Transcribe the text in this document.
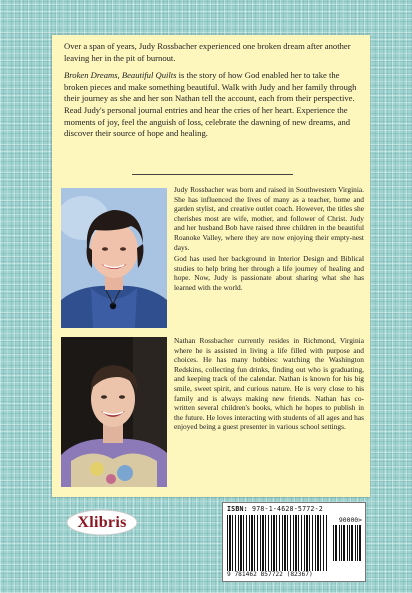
Over a span of years, Judy Rossbacher experienced one broken dream after another leaving her in the pit of burnout.

Broken Dreams, Beautiful Quilts is the story of how God enabled her to take the broken pieces and make something beautiful. Walk with Judy and her family through their journey as she and her son Nathan tell the account, each from their perspective. Read Judy's personal journal entries and hear the cries of her heart. Experience the moments of joy, feel the anguish of loss, celebrate the dawning of new dreams, and discover their source of hope and healing.

Judy Rossbacher was born and raised in Southwestern Virginia. She has influenced the lives of many as a teacher, home and garden stylist, and creative outlet coach. However, the titles she cherishes most are wife, mother, and follower of Christ. Judy and her husband Bob have raised three children in the beautiful Roanoke Valley, where they are now enjoying their empty-nest days.

God has used her background in Interior Design and Biblical studies to help bring her through a life journey of healing and hope. Now, Judy is passionate about sharing what she has learned with the world.

Nathan Rossbacher currently resides in Richmond, Virginia where he is assisted in living a life filled with purpose and choices. He has many hobbies: watching the Washington Redskins, collecting fun drinks, finding out who is graduating, and keeping track of the calendar. Nathan is known for his big smile, sweet spirit, and curious nature. He is very close to his family and is always making new friends. Nathan has co-written several children's books, which he hopes to publish in the future. He loves interacting with students of all ages and has enjoyed being a guest presenter in various school settings.

Xlibris
ISBN: 978-1-4628-5772-2
90000>
9 781462 857722 (82367)
